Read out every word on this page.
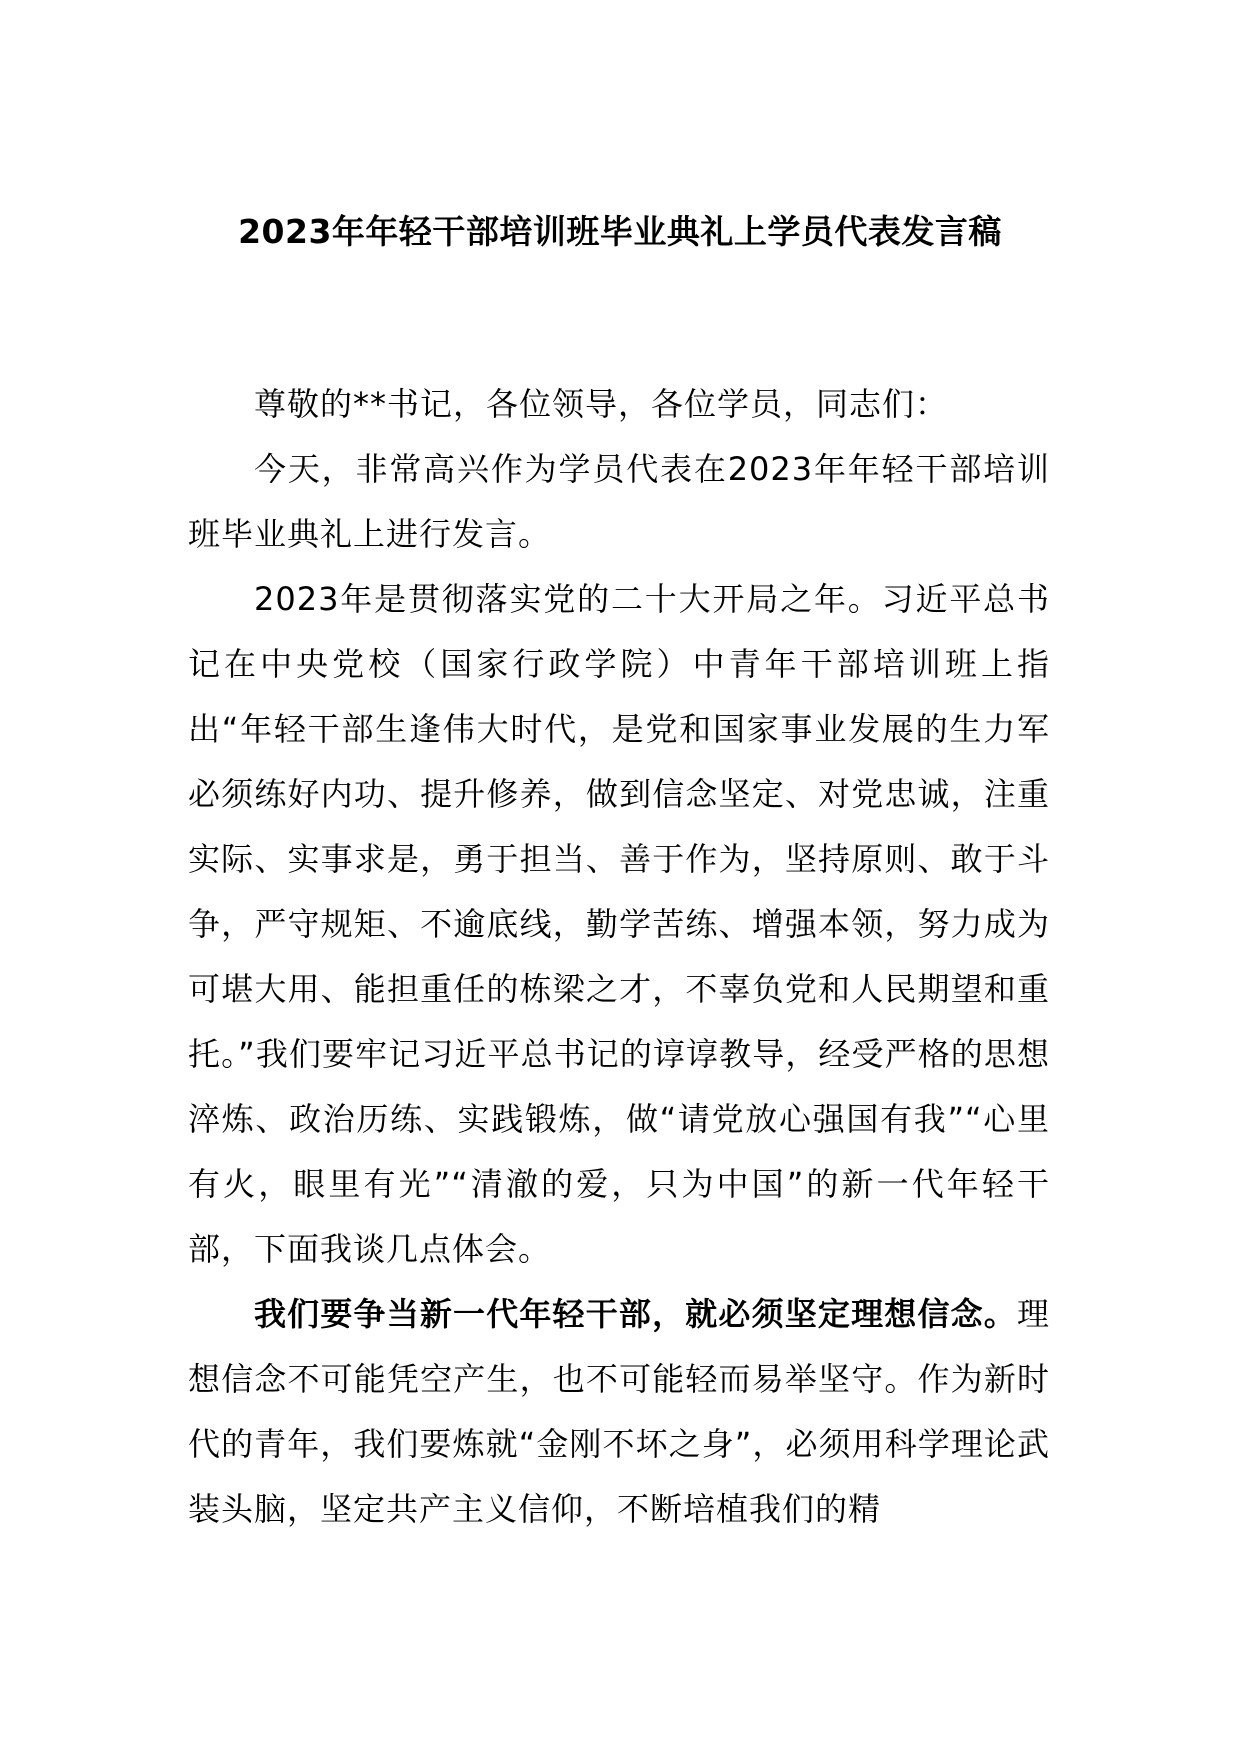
2023年年轻干部培训班毕业典礼上学员代表发言稿

尊敬的**书记，各位领导，各位学员，同志们：

今天，非常高兴作为学员代表在2023年年轻干部培训班毕业典礼上进行发言。

2023年是贯彻落实党的二十大开局之年。习近平总书记在中央党校（国家行政学院）中青年干部培训班上指出“年轻干部生逢伟大时代，是党和国家事业发展的生力军必须练好内功、提升修养，做到信念坚定、对党忠诚，注重实际、实事求是，勇于担当、善于作为，坚持原则、敢于斗争，严守规矩、不逾底线，勤学苦练、增强本领，努力成为可堪大用、能担重任的栋梁之才，不辜负党和人民期望和重托。”我们要牢记习近平总书记的谆谆教导，经受严格的思想淬炼、政治历练、实践锻炼，做“请党放心强国有我”“心里有火，眼里有光”“清澈的爱，只为中国”的新一代年轻干部，下面我谈几点体会。

我们要争当新一代年轻干部，就必须坚定理想信念。理想信念不可能凭空产生，也不可能轻而易举坚守。作为新时代的青年，我们要炼就“金刚不坏之身”，必须用科学理论武装头脑，坚定共产主义信仰，不断培植我们的精
